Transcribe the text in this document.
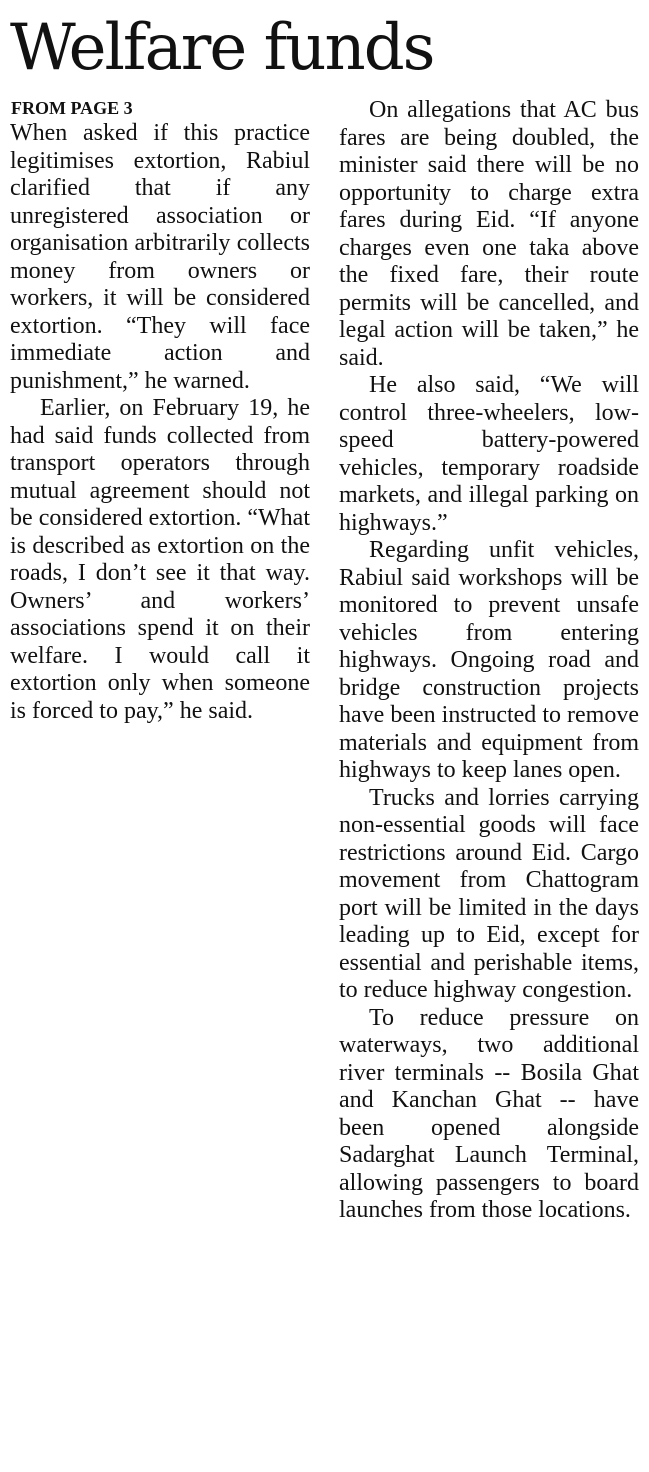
Welfare funds
FROM PAGE 3

When asked if this practice legitimises extortion, Rabiul clarified that if any unregistered association or organisation arbitrarily collects money from owners or workers, it will be considered extortion. “They will face immediate action and punishment,” he warned.

Earlier, on February 19, he had said funds collected from transport operators through mutual agreement should not be considered extortion. “What is described as extortion on the roads, I don’t see it that way. Owners’ and workers’ associations spend it on their welfare. I would call it extortion only when someone is forced to pay,” he said.

On allegations that AC bus fares are being doubled, the minister said there will be no opportunity to charge extra fares during Eid. “If anyone charges even one taka above the fixed fare, their route permits will be cancelled, and legal action will be taken,” he said.

He also said, “We will control three-wheelers, low-speed battery-powered vehicles, temporary roadside markets, and illegal parking on highways.”

Regarding unfit vehicles, Rabiul said workshops will be monitored to prevent unsafe vehicles from entering highways. Ongoing road and bridge construction projects have been instructed to remove materials and equipment from highways to keep lanes open.

Trucks and lorries carrying non-essential goods will face restrictions around Eid. Cargo movement from Chattogram port will be limited in the days leading up to Eid, except for essential and perishable items, to reduce highway congestion.

To reduce pressure on waterways, two additional river terminals -- Bosila Ghat and Kanchan Ghat -- have been opened alongside Sadarghat Launch Terminal, allowing passengers to board launches from those locations.
